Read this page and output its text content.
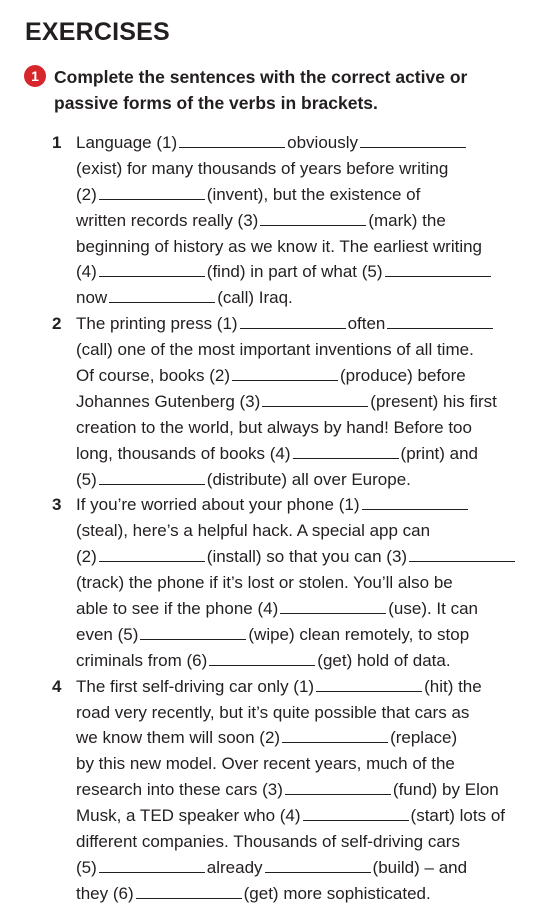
EXERCISES
1 Complete the sentences with the correct active or passive forms of the verbs in brackets.
1 Language (1)	obviously
(exist) for many thousands of years before writing
(2)	(invent), but the existence of
written records really (3)	(mark) the
beginning of history as we know it. The earliest writing
(4)	(find) in part of what (5)
now	(call) Iraq.
2 The printing press (1)	often
(call) one of the most important inventions of all time.
Of course, books (2)	(produce) before
Johannes Gutenberg (3)	(present) his first
creation to the world, but always by hand! Before too
long, thousands of books (4)	(print) and
(5)	(distribute) all over Europe.
3 If you’re worried about your phone (1)
(steal), here’s a helpful hack. A special app can
(2)	(install) so that you can (3)
(track) the phone if it’s lost or stolen. You’ll also be
able to see if the phone (4)	(use). It can
even (5)	(wipe) clean remotely, to stop
criminals from (6)	(get) hold of data.
4 The first self-driving car only (1)	(hit) the
road very recently, but it’s quite possible that cars as
we know them will soon (2)	(replace)
by this new model. Over recent years, much of the
research into these cars (3)	(fund) by Elon
Musk, a TED speaker who (4)	(start) lots of
different companies. Thousands of self-driving cars
(5)	already	(build) – and
they (6)	(get) more sophisticated.
